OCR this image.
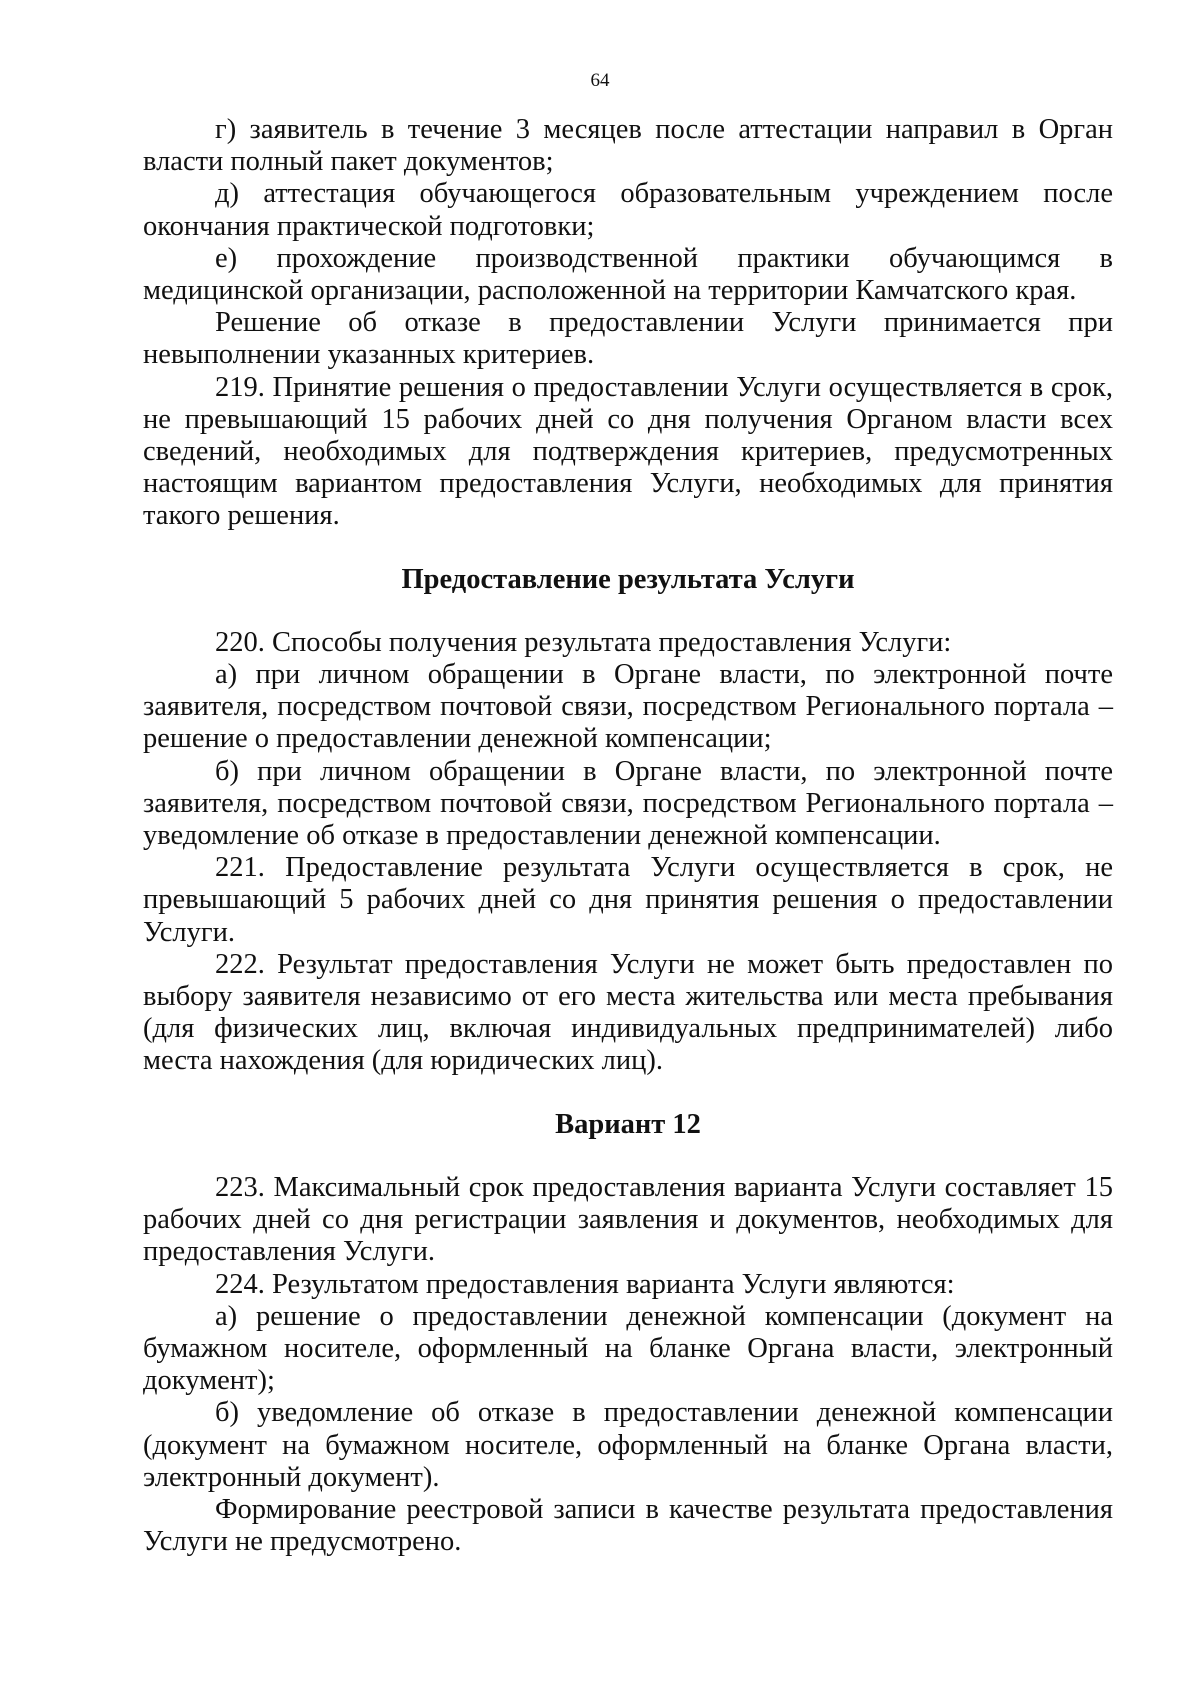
64

г) заявитель в течение 3 месяцев после аттестации направил в Орган власти полный пакет документов;

д) аттестация обучающегося образовательным учреждением после окончания практической подготовки;

е) прохождение производственной практики обучающимся в медицинской организации, расположенной на территории Камчатского края.

Решение об отказе в предоставлении Услуги принимается при невыполнении указанных критериев.

219. Принятие решения о предоставлении Услуги осуществляется в срок, не превышающий 15 рабочих дней со дня получения Органом власти всех сведений, необходимых для подтверждения критериев, предусмотренных настоящим вариантом предоставления Услуги, необходимых для принятия такого решения.

Предоставление результата Услуги

220. Способы получения результата предоставления Услуги:

а) при личном обращении в Органе власти, по электронной почте заявителя, посредством почтовой связи, посредством Регионального портала – решение о предоставлении денежной компенсации;

б) при личном обращении в Органе власти, по электронной почте заявителя, посредством почтовой связи, посредством Регионального портала – уведомление об отказе в предоставлении денежной компенсации.

221. Предоставление результата Услуги осуществляется в срок, не превышающий 5 рабочих дней со дня принятия решения о предоставлении Услуги.

222. Результат предоставления Услуги не может быть предоставлен по выбору заявителя независимо от его места жительства или места пребывания (для физических лиц, включая индивидуальных предпринимателей) либо места нахождения (для юридических лиц).

Вариант 12

223. Максимальный срок предоставления варианта Услуги составляет 15 рабочих дней со дня регистрации заявления и документов, необходимых для предоставления Услуги.

224. Результатом предоставления варианта Услуги являются:

а) решение о предоставлении денежной компенсации (документ на бумажном носителе, оформленный на бланке Органа власти, электронный документ);

б) уведомление об отказе в предоставлении денежной компенсации (документ на бумажном носителе, оформленный на бланке Органа власти, электронный документ).

Формирование реестровой записи в качестве результата предоставления Услуги не предусмотрено.
